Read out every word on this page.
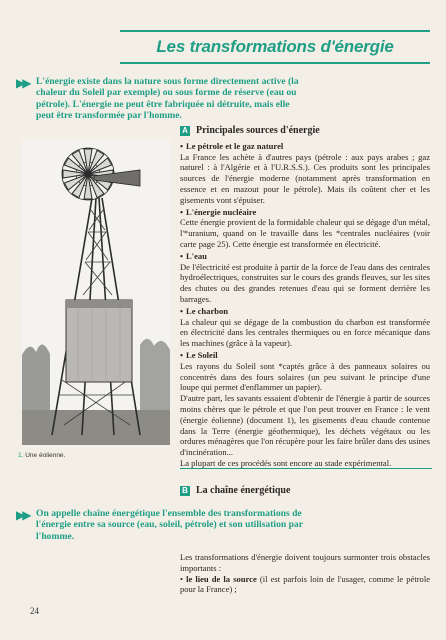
Les transformations d'énergie
▶▶ L'énergie existe dans la nature sous forme directement active (la chaleur du Soleil par exemple) ou sous forme de réserve (eau ou pétrole). L'énergie ne peut être fabriquée ni détruite, mais elle peut être transformée par l'homme.
1. Une éolienne.
A Principales sources d'énergie
• Le pétrole et le gaz naturel

La France les achète à d'autres pays (pétrole : aux pays arabes ; gaz naturel : à l'Algérie et à l'U.R.S.S.). Ces produits sont les principales sources de l'énergie moderne (notamment après transformation en essence et en mazout pour le pétrole). Mais ils coûtent cher et les gisements vont s'épuiser.

• L'énergie nucléaire

Cette énergie provient de la formidable chaleur qui se dégage d'un métal, l'*uranium, quand on le travaille dans les *centrales nucléaires (voir carte page 25). Cette énergie est transformée en électricité.

• L'eau

De l'électricité est produite à partir de la force de l'eau dans des centrales hydroélectriques, construites sur le cours des grands fleuves, sur les sites des chutes ou des grandes retenues d'eau qui se forment derrière les barrages.

• Le charbon

La chaleur qui se dégage de la combustion du charbon est transformée en électricité dans les centrales thermiques ou en force mécanique dans les machines (grâce à la vapeur).

• Le Soleil

Les rayons du Soleil sont *captés grâce à des panneaux solaires ou concentrés dans des fours solaires (un peu suivant le principe d'une loupe qui permet d'enflammer un papier).

D'autre part, les savants essaient d'obtenir de l'énergie à partir de sources moins chères que le pétrole et que l'on peut trouver en France : le vent (énergie éolienne) (document 1), les gisements d'eau chaude contenue dans la Terre (énergie géothermique), les déchets végétaux ou les ordures ménagères que l'on récupère pour les faire brûler dans des usines d'incinération...

La plupart de ces procédés sont encore au stade expérimental.

B La chaîne énergétique
▶▶ On appelle chaîne énergétique l'ensemble des transformations de l'énergie entre sa source (eau, soleil, pétrole) et son utilisation par l'homme.

Les transformations d'énergie doivent toujours surmonter trois obstacles importants :

• le lieu de la source (il est parfois loin de l'usager, comme le pétrole pour la France) ;

24
